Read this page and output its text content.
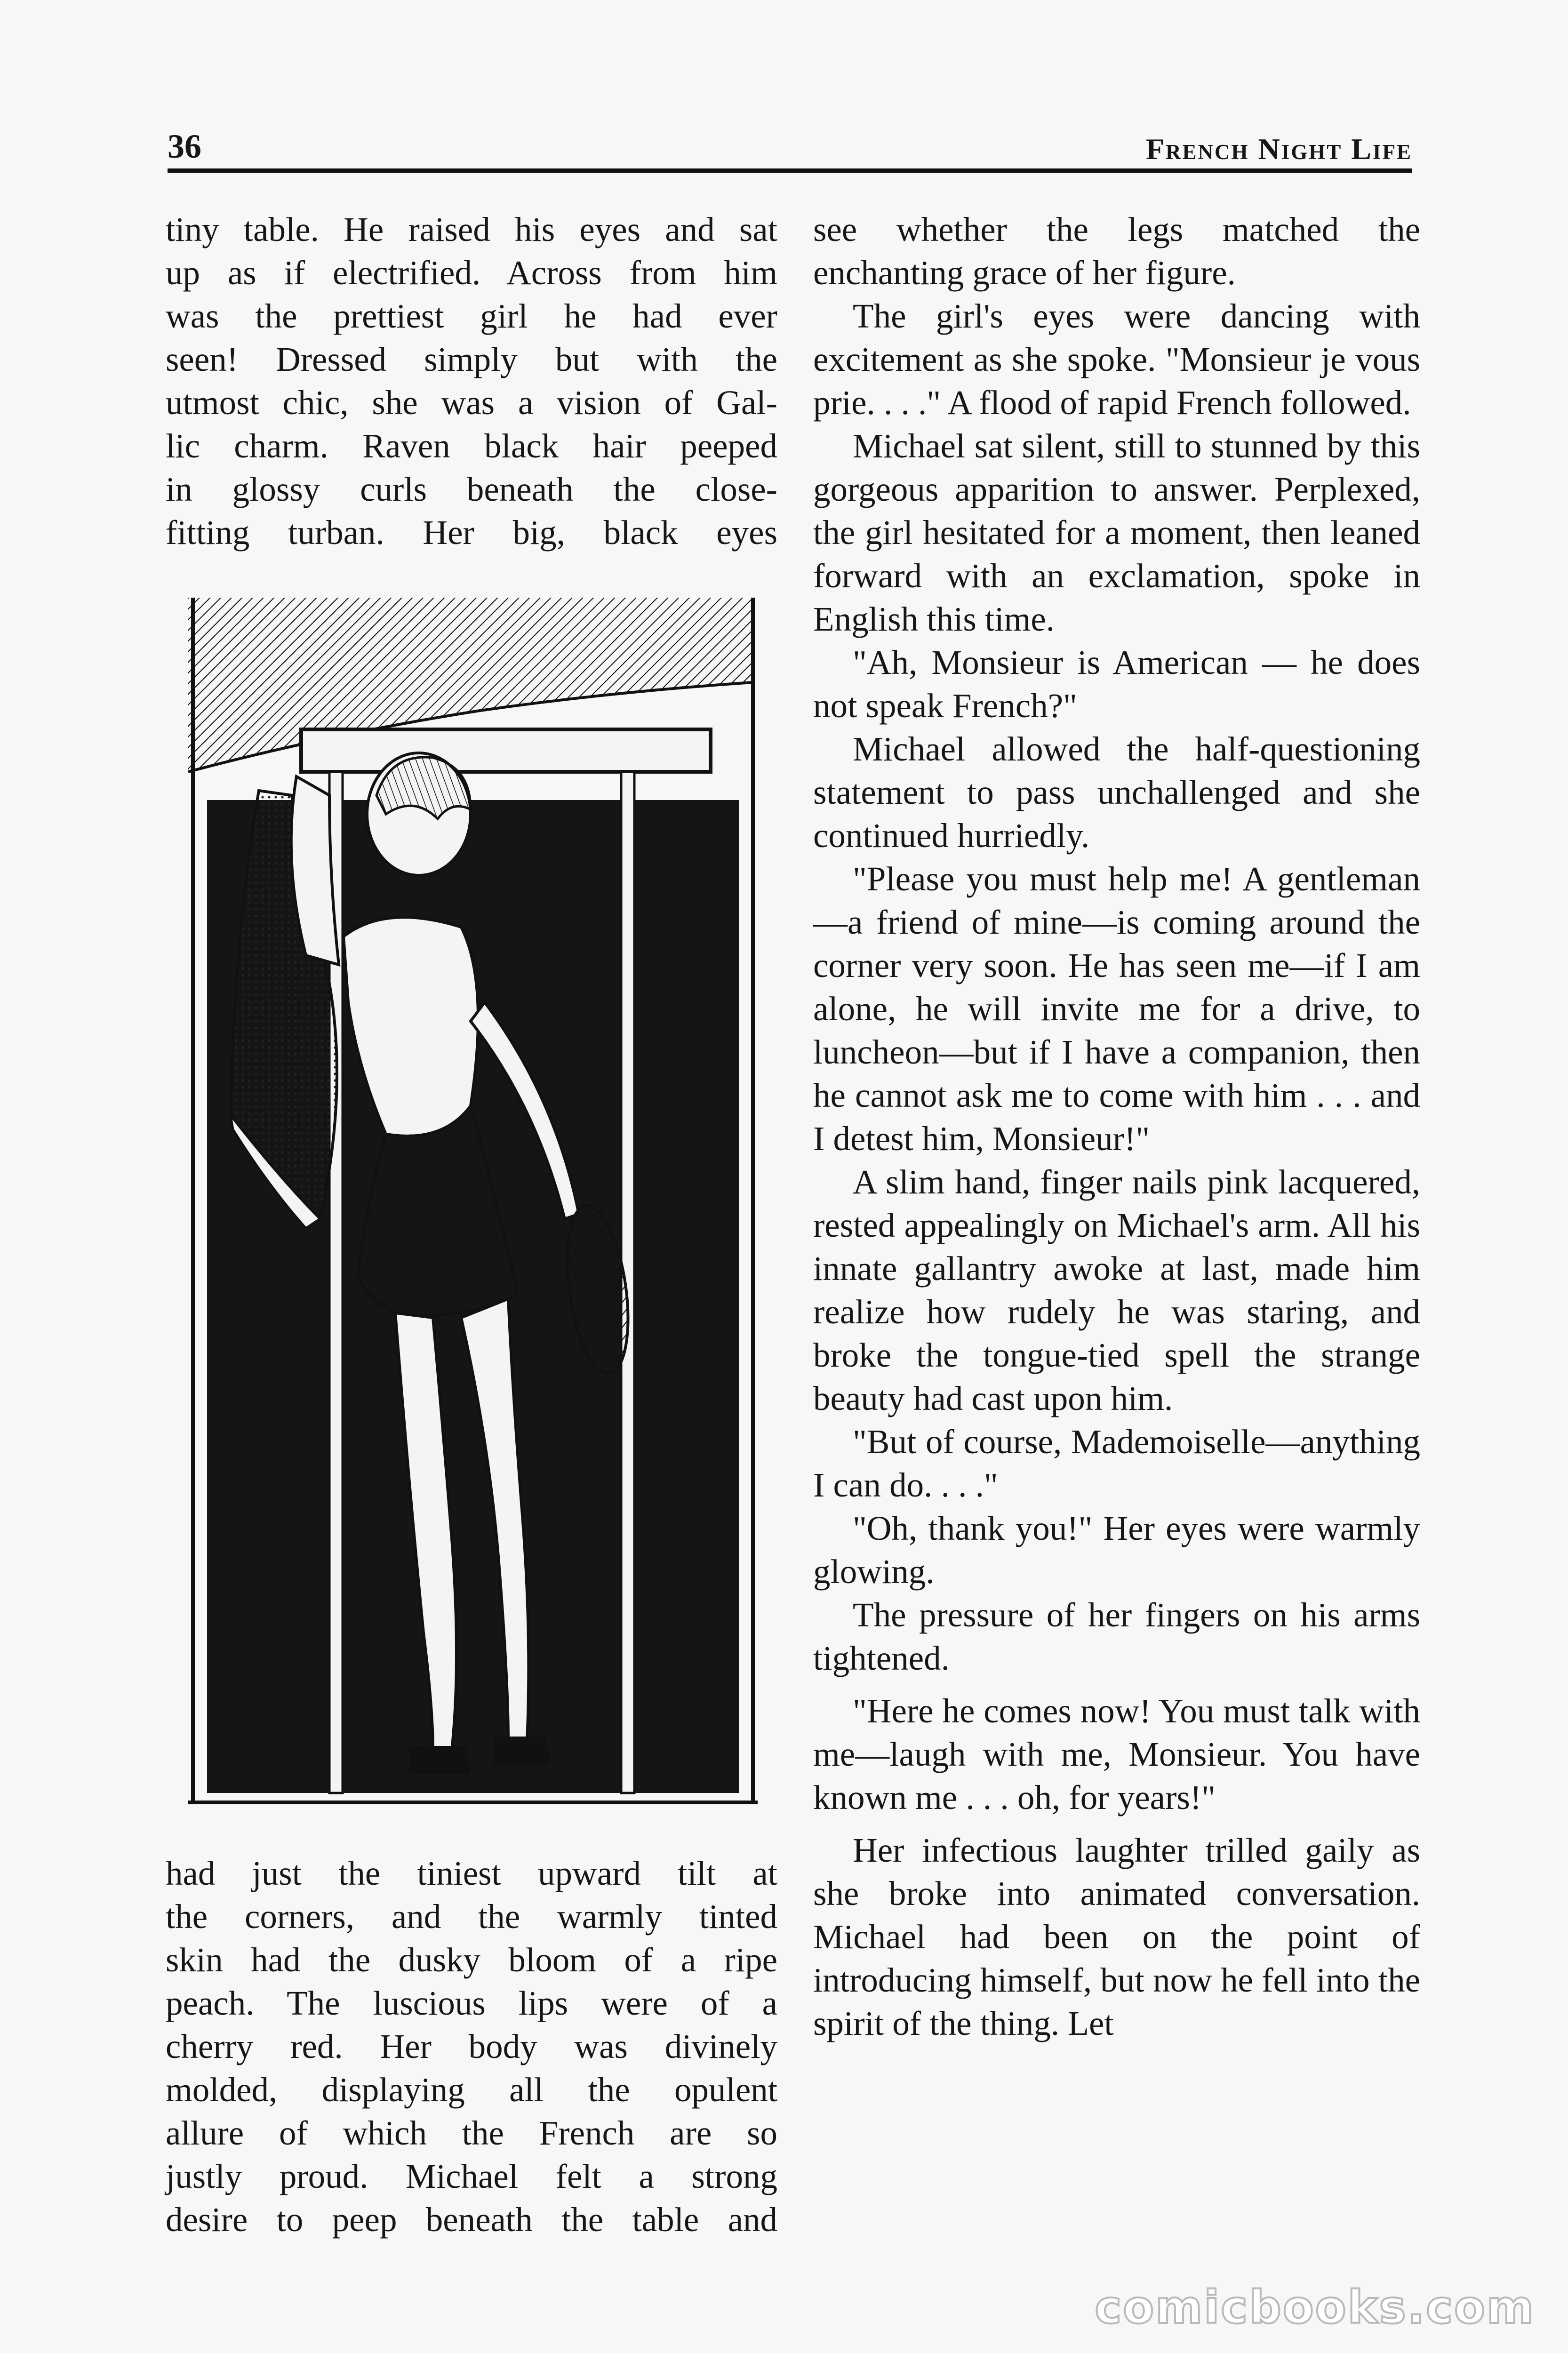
36	French Night Life

tiny table. He raised his eyes and sat

up as if electrified. Across from him

was the prettiest girl he had ever

seen! Dressed simply but with the

utmost chic, she was a vision of Gal-

lic charm. Raven black hair peeped

in glossy curls beneath the close-

fitting turban. Her big, black eyes

had just the tiniest upward tilt at

the corners, and the warmly tinted

skin had the dusky bloom of a ripe

peach. The luscious lips were of a

cherry red. Her body was divinely

molded, displaying all the opulent

allure of which the French are so

justly proud. Michael felt a strong

desire to peep beneath the table and

see whether the legs matched the enchanting grace of her figure.

The girl's eyes were dancing with excitement as she spoke. "Monsieur je vous prie. . . ." A flood of rapid French followed.

Michael sat silent, still to stunned by this gorgeous apparition to answer. Perplexed, the girl hesitated for a moment, then leaned forward with an exclamation, spoke in English this time.

"Ah, Monsieur is American — he does not speak French?"

Michael allowed the half-questioning statement to pass unchallenged and she continued hurriedly.

"Please you must help me! A gentleman—a friend of mine—is coming around the corner very soon. He has seen me—if I am alone, he will invite me for a drive, to luncheon—but if I have a companion, then he cannot ask me to come with him . . . and I detest him, Monsieur!"

A slim hand, finger nails pink lacquered, rested appealingly on Michael's arm. All his innate gallantry awoke at last, made him realize how rudely he was staring, and broke the tongue-tied spell the strange beauty had cast upon him.

"But of course, Mademoiselle—anything I can do. . . ."

"Oh, thank you!" Her eyes were warmly glowing.

The pressure of her fingers on his arms tightened.

"Here he comes now! You must talk with me—laugh with me, Monsieur. You have known me . . . oh, for years!"

Her infectious laughter trilled gaily as she broke into animated conversation. Michael had been on the point of introducing himself, but now he fell into the spirit of the thing. Let

comicbooks.com
